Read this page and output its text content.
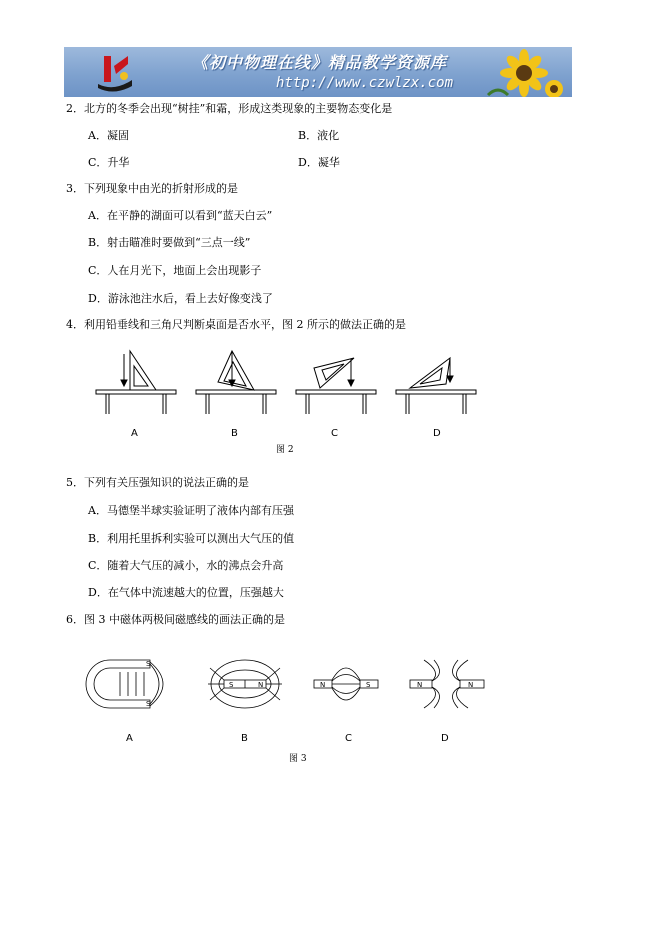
《初中物理在线》精品教学资源库
http://www.czwlzx.com
2．北方的冬季会出现“树挂”和霜，形成这类现象的主要物态变化是
A．凝固	B．液化
C．升华	D．凝华
3．下列现象中由光的折射形成的是
A．在平静的湖面可以看到“蓝天白云”
B．射击瞄准时要做到“三点一线”
C．人在月光下，地面上会出现影子
D．游泳池注水后，看上去好像变浅了
4．利用铅垂线和三角尺判断桌面是否水平，图 2 所示的做法正确的是
A	B	C	D
图 2
5．下列有关压强知识的说法正确的是
A．马德堡半球实验证明了液体内部有压强
B．利用托里拆利实验可以测出大气压的值
C．随着大气压的减小，水的沸点会升高
D．在气体中流速越大的位置，压强越大
6．图 3 中磁体两极间磁感线的画法正确的是
S
S
S	N	N	S	N	N
A	B	C	D
图 3
